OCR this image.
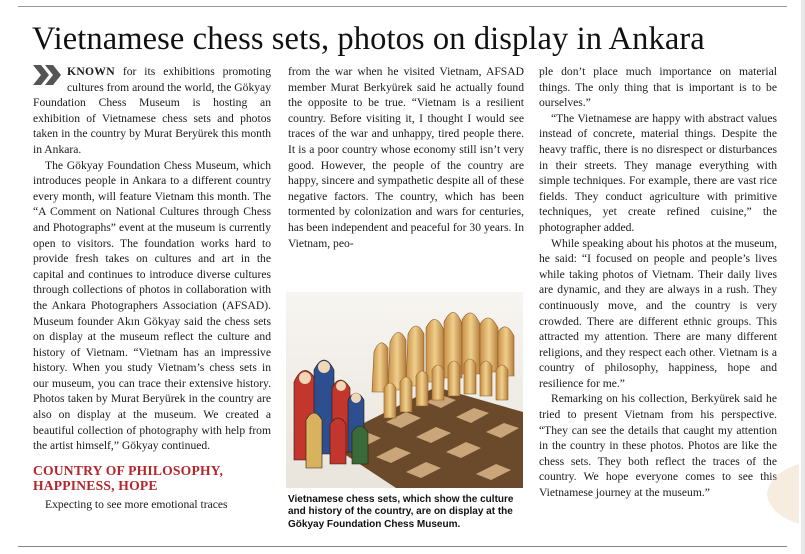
Vietnamese chess sets, photos on display in Ankara

KNOWN for its exhibitions promoting cultures from around the world, the Gökyay Foundation Chess Museum is hosting an exhibition of Vietnamese chess sets and photos taken in the country by Murat Beryürek this month in Ankara.

The Gökyay Foundation Chess Museum, which introduces people in Ankara to a different country every month, will feature Vietnam this month. The “A Comment on National Cultures through Chess and Photographs” event at the museum is currently open to visitors. The foundation works hard to provide fresh takes on cultures and art in the capital and continues to introduce diverse cultures through collections of photos in collaboration with the Ankara Photographers Association (AFSAD). Museum founder Akın Gökyay said the chess sets on display at the museum reflect the culture and history of Vietnam. “Vietnam has an impressive history. When you study Vietnam’s chess sets in our museum, you can trace their extensive history. Photos taken by Murat Beryürek in the country are also on display at the museum. We created a beautiful collection of photography with help from the artist himself,” Gökyay continued.

COUNTRY OF PHILOSOPHY, HAPPINESS, HOPE

Expecting to see more emotional traces

from the war when he visited Vietnam, AFSAD member Murat Berkyürek said he actually found the opposite to be true. “Vietnam is a resilient country. Before visiting it, I thought I would see traces of the war and unhappy, tired people there. It is a poor country whose economy still isn’t very good. However, the people of the country are happy, sincere and sympathetic despite all of these negative factors. The country, which has been tormented by colonization and wars for centuries, has been independent and peaceful for 30 years. In Vietnam, peo-

Vietnamese chess sets, which show the culture and history of the country, are on display at the Gökyay Foundation Chess Museum.

ple don’t place much importance on material things. The only thing that is important is to be ourselves.”

“The Vietnamese are happy with abstract values instead of concrete, material things. Despite the heavy traffic, there is no disrespect or disturbances in their streets. They manage everything with simple techniques. For example, there are vast rice fields. They conduct agriculture with primitive techniques, yet create refined cuisine,” the photographer added.

While speaking about his photos at the museum, he said: “I focused on people and people’s lives while taking photos of Vietnam. Their daily lives are dynamic, and they are always in a rush. They continuously move, and the country is very crowded. There are different ethnic groups. This attracted my attention. There are many different religions, and they respect each other. Vietnam is a country of philosophy, happiness, hope and resilience for me.”

Remarking on his collection, Berkyürek said he tried to present Vietnam from his perspective. “They can see the details that caught my attention in the country in these photos. Photos are like the chess sets. They both reflect the traces of the country. We hope everyone comes to see this Vietnamese journey at the museum.”
